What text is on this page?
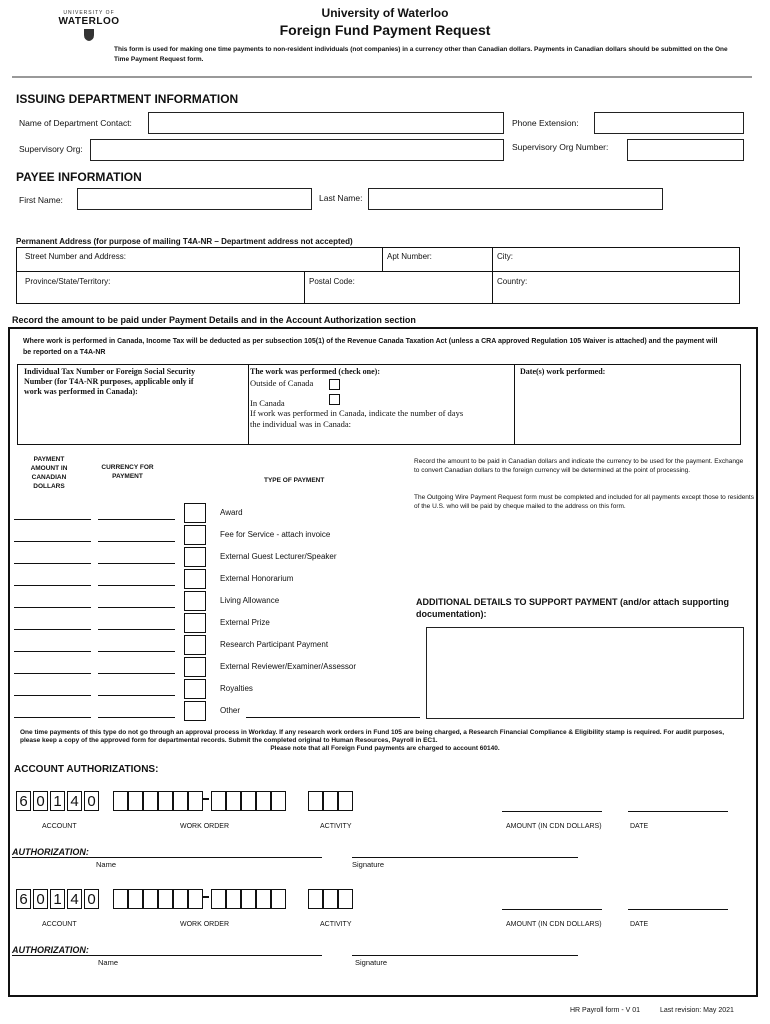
UNIVERSITY OF
WATERLOO
University of Waterloo
Foreign Fund Payment Request
This form is used for making one time payments to non-resident individuals (not companies) in a currency other than Canadian dollars. Payments in Canadian dollars should be submitted on the One Time Payment Request form.
ISSUING DEPARTMENT INFORMATION
Name of Department Contact:	Phone Extension:
Supervisory Org:	Supervisory Org Number:
PAYEE INFORMATION
First Name:	Last Name:
Permanent Address (for purpose of mailing T4A-NR – Department address not accepted)
Street Number and Address:	Apt Number:	City:
Province/State/Territory:	Postal Code:	Country:
Record the amount to be paid under Payment Details and in the Account Authorization section
Where work is performed in Canada, Income Tax will be deducted as per subsection 105(1) of the Revenue Canada Taxation Act (unless a CRA approved Regulation 105 Waiver is attached) and the payment will be reported on a T4A-NR
Individual Tax Number or Foreign Social Security Number (for T4A-NR purposes, applicable only if work was performed in Canada):
The work was performed (check one):
Outside of Canada
In Canada
If work was performed in Canada, indicate the number of days the individual was in Canada:
Date(s) work performed:
PAYMENT AMOUNT IN CANADIAN DOLLARS
CURRENCY FOR PAYMENT
TYPE OF PAYMENT
Record the amount to be paid in Canadian dollars and indicate the currency to be used for the payment. Exchange to convert Canadian dollars to the foreign currency will be determined at the point of processing.
The Outgoing Wire Payment Request form must be completed and included for all payments except those to residents of the U.S. who will be paid by cheque mailed to the address on this form.
Award
Fee for Service - attach invoice
External Guest Lecturer/Speaker
External Honorarium
Living Allowance
External Prize
Research Participant Payment
External Reviewer/Examiner/Assessor
Royalties
Other
ADDITIONAL DETAILS TO SUPPORT PAYMENT (and/or attach supporting documentation):
One time payments of this type do not go through an approval process in Workday. If any research work orders in Fund 105 are being charged, a Research Financial Compliance & Eligibility stamp is required. For audit purposes, please keep a copy of the approved form for departmental records. Submit the completed original to Human Resources, Payroll in EC1.
Please note that all Foreign Fund payments are charged to account 60140.
ACCOUNT AUTHORIZATIONS:
6 0 1 4 0
ACCOUNT	WORK ORDER	ACTIVITY	AMOUNT (IN CDN DOLLARS)	DATE
AUTHORIZATION:
Name	Signature
6 0 1 4 0
ACCOUNT	WORK ORDER	ACTIVITY	AMOUNT (IN CDN DOLLARS)	DATE
AUTHORIZATION:
Name	Signature
HR Payroll form - V 01	Last revision: May 2021
